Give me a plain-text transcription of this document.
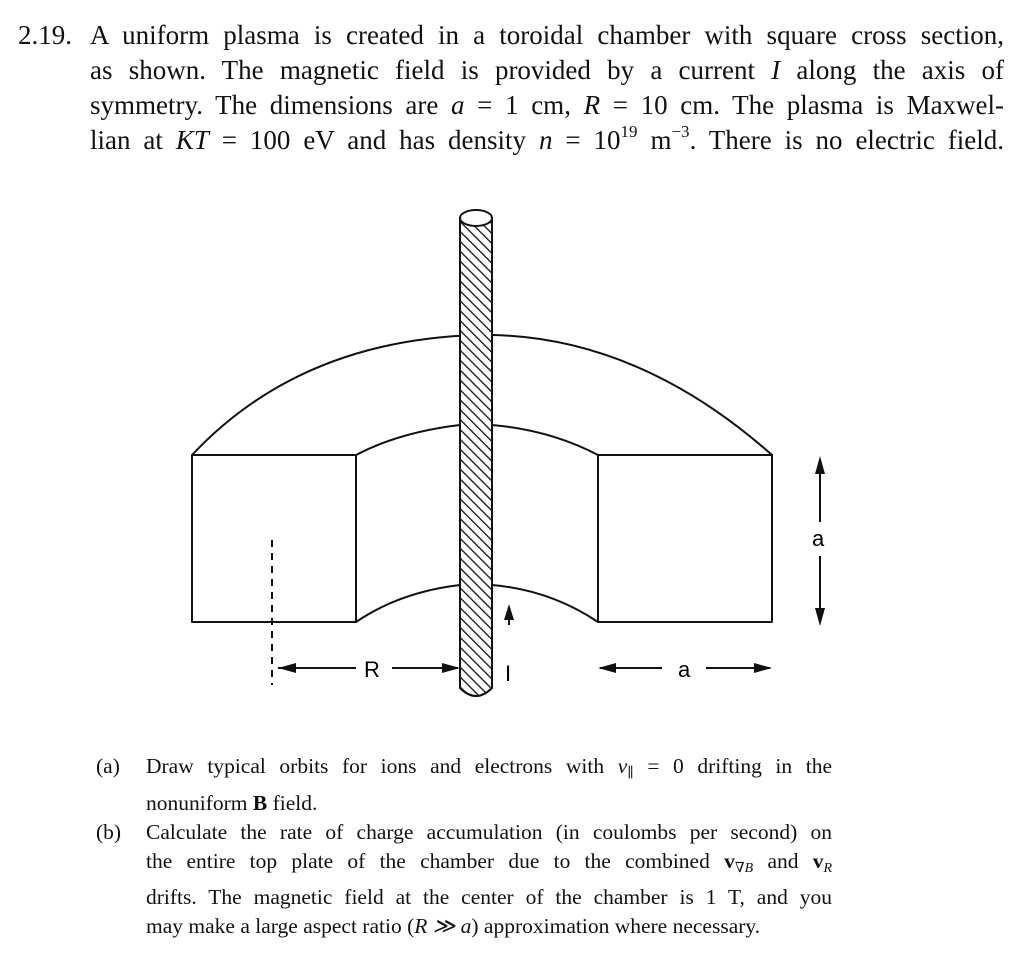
2.19. A uniform plasma is created in a toroidal chamber with square cross section,
as shown. The magnetic field is provided by a current I along the axis of
symmetry. The dimensions are a = 1 cm, R = 10 cm. The plasma is Maxwel-
lian at KT = 100 eV and has density $n = 10^{19}$ $m^{-3}$. There is no electric field.
R	I	a
a
(a) Draw typical orbits for ions and electrons with $v_\parallel = 0$ drifting in the
nonuniform B field.
(b) Calculate the rate of charge accumulation (in coulombs per second) on
the entire top plate of the chamber due to the combined $v_{\nabla B}$ and $v_R$
drifts. The magnetic field at the center of the chamber is 1 T, and you
may make a large aspect ratio (R ≫ a) approximation where necessary.
